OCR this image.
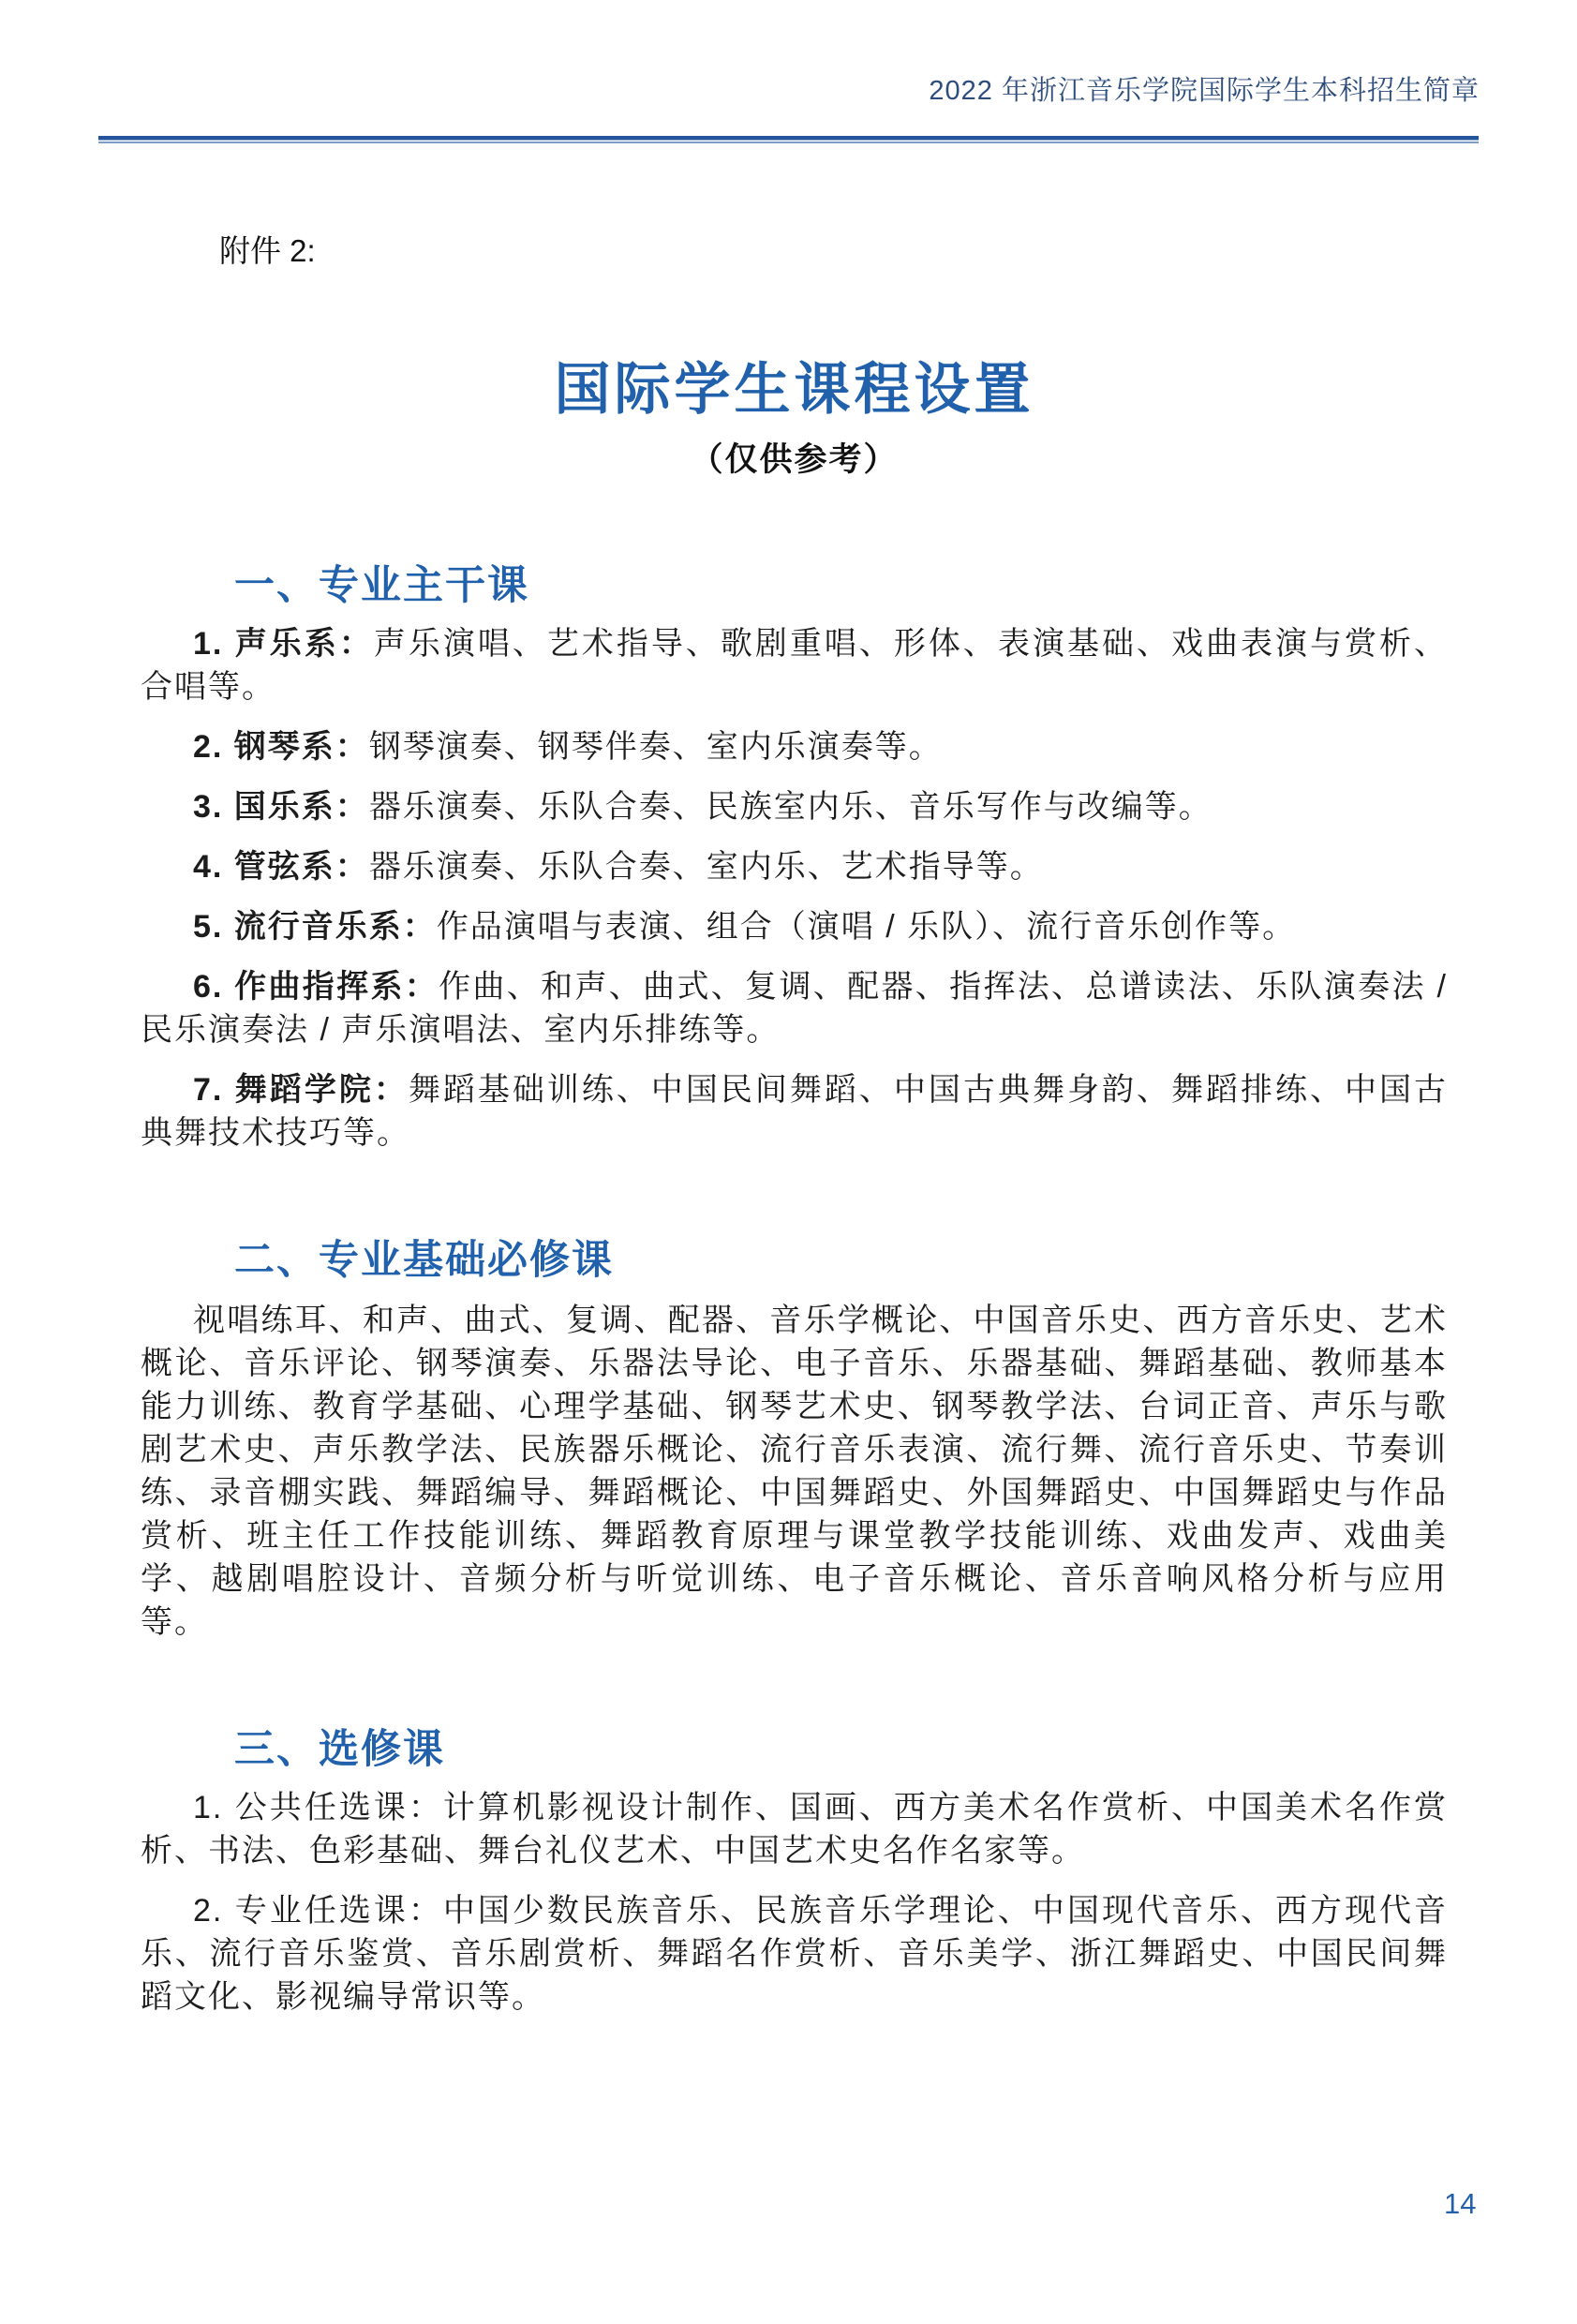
2022 年浙江音乐学院国际学生本科招生简章
附件 2:
国际学生课程设置
（仅供参考）
一、专业主干课

1. 声乐系：声乐演唱、艺术指导、歌剧重唱、形体、表演基础、戏曲表演与赏析、合唱等。

2. 钢琴系：钢琴演奏、钢琴伴奏、室内乐演奏等。

3. 国乐系：器乐演奏、乐队合奏、民族室内乐、音乐写作与改编等。

4. 管弦系：器乐演奏、乐队合奏、室内乐、艺术指导等。

5. 流行音乐系：作品演唱与表演、组合（演唱 / 乐队）、流行音乐创作等。

6. 作曲指挥系：作曲、和声、曲式、复调、配器、指挥法、总谱读法、乐队演奏法 / 民乐演奏法 / 声乐演唱法、室内乐排练等。

7. 舞蹈学院：舞蹈基础训练、中国民间舞蹈、中国古典舞身韵、舞蹈排练、中国古典舞技术技巧等。

二、专业基础必修课

视唱练耳、和声、曲式、复调、配器、音乐学概论、中国音乐史、西方音乐史、艺术概论、音乐评论、钢琴演奏、乐器法导论、电子音乐、乐器基础、舞蹈基础、教师基本能力训练、教育学基础、心理学基础、钢琴艺术史、钢琴教学法、台词正音、声乐与歌剧艺术史、声乐教学法、民族器乐概论、流行音乐表演、流行舞、流行音乐史、节奏训练、录音棚实践、舞蹈编导、舞蹈概论、中国舞蹈史、外国舞蹈史、中国舞蹈史与作品赏析、班主任工作技能训练、舞蹈教育原理与课堂教学技能训练、戏曲发声、戏曲美学、越剧唱腔设计、音频分析与听觉训练、电子音乐概论、音乐音响风格分析与应用等。

三、选修课

1. 公共任选课：计算机影视设计制作、国画、西方美术名作赏析、中国美术名作赏析、书法、色彩基础、舞台礼仪艺术、中国艺术史名作名家等。

2. 专业任选课：中国少数民族音乐、民族音乐学理论、中国现代音乐、西方现代音乐、流行音乐鉴赏、音乐剧赏析、舞蹈名作赏析、音乐美学、浙江舞蹈史、中国民间舞蹈文化、影视编导常识等。

14
